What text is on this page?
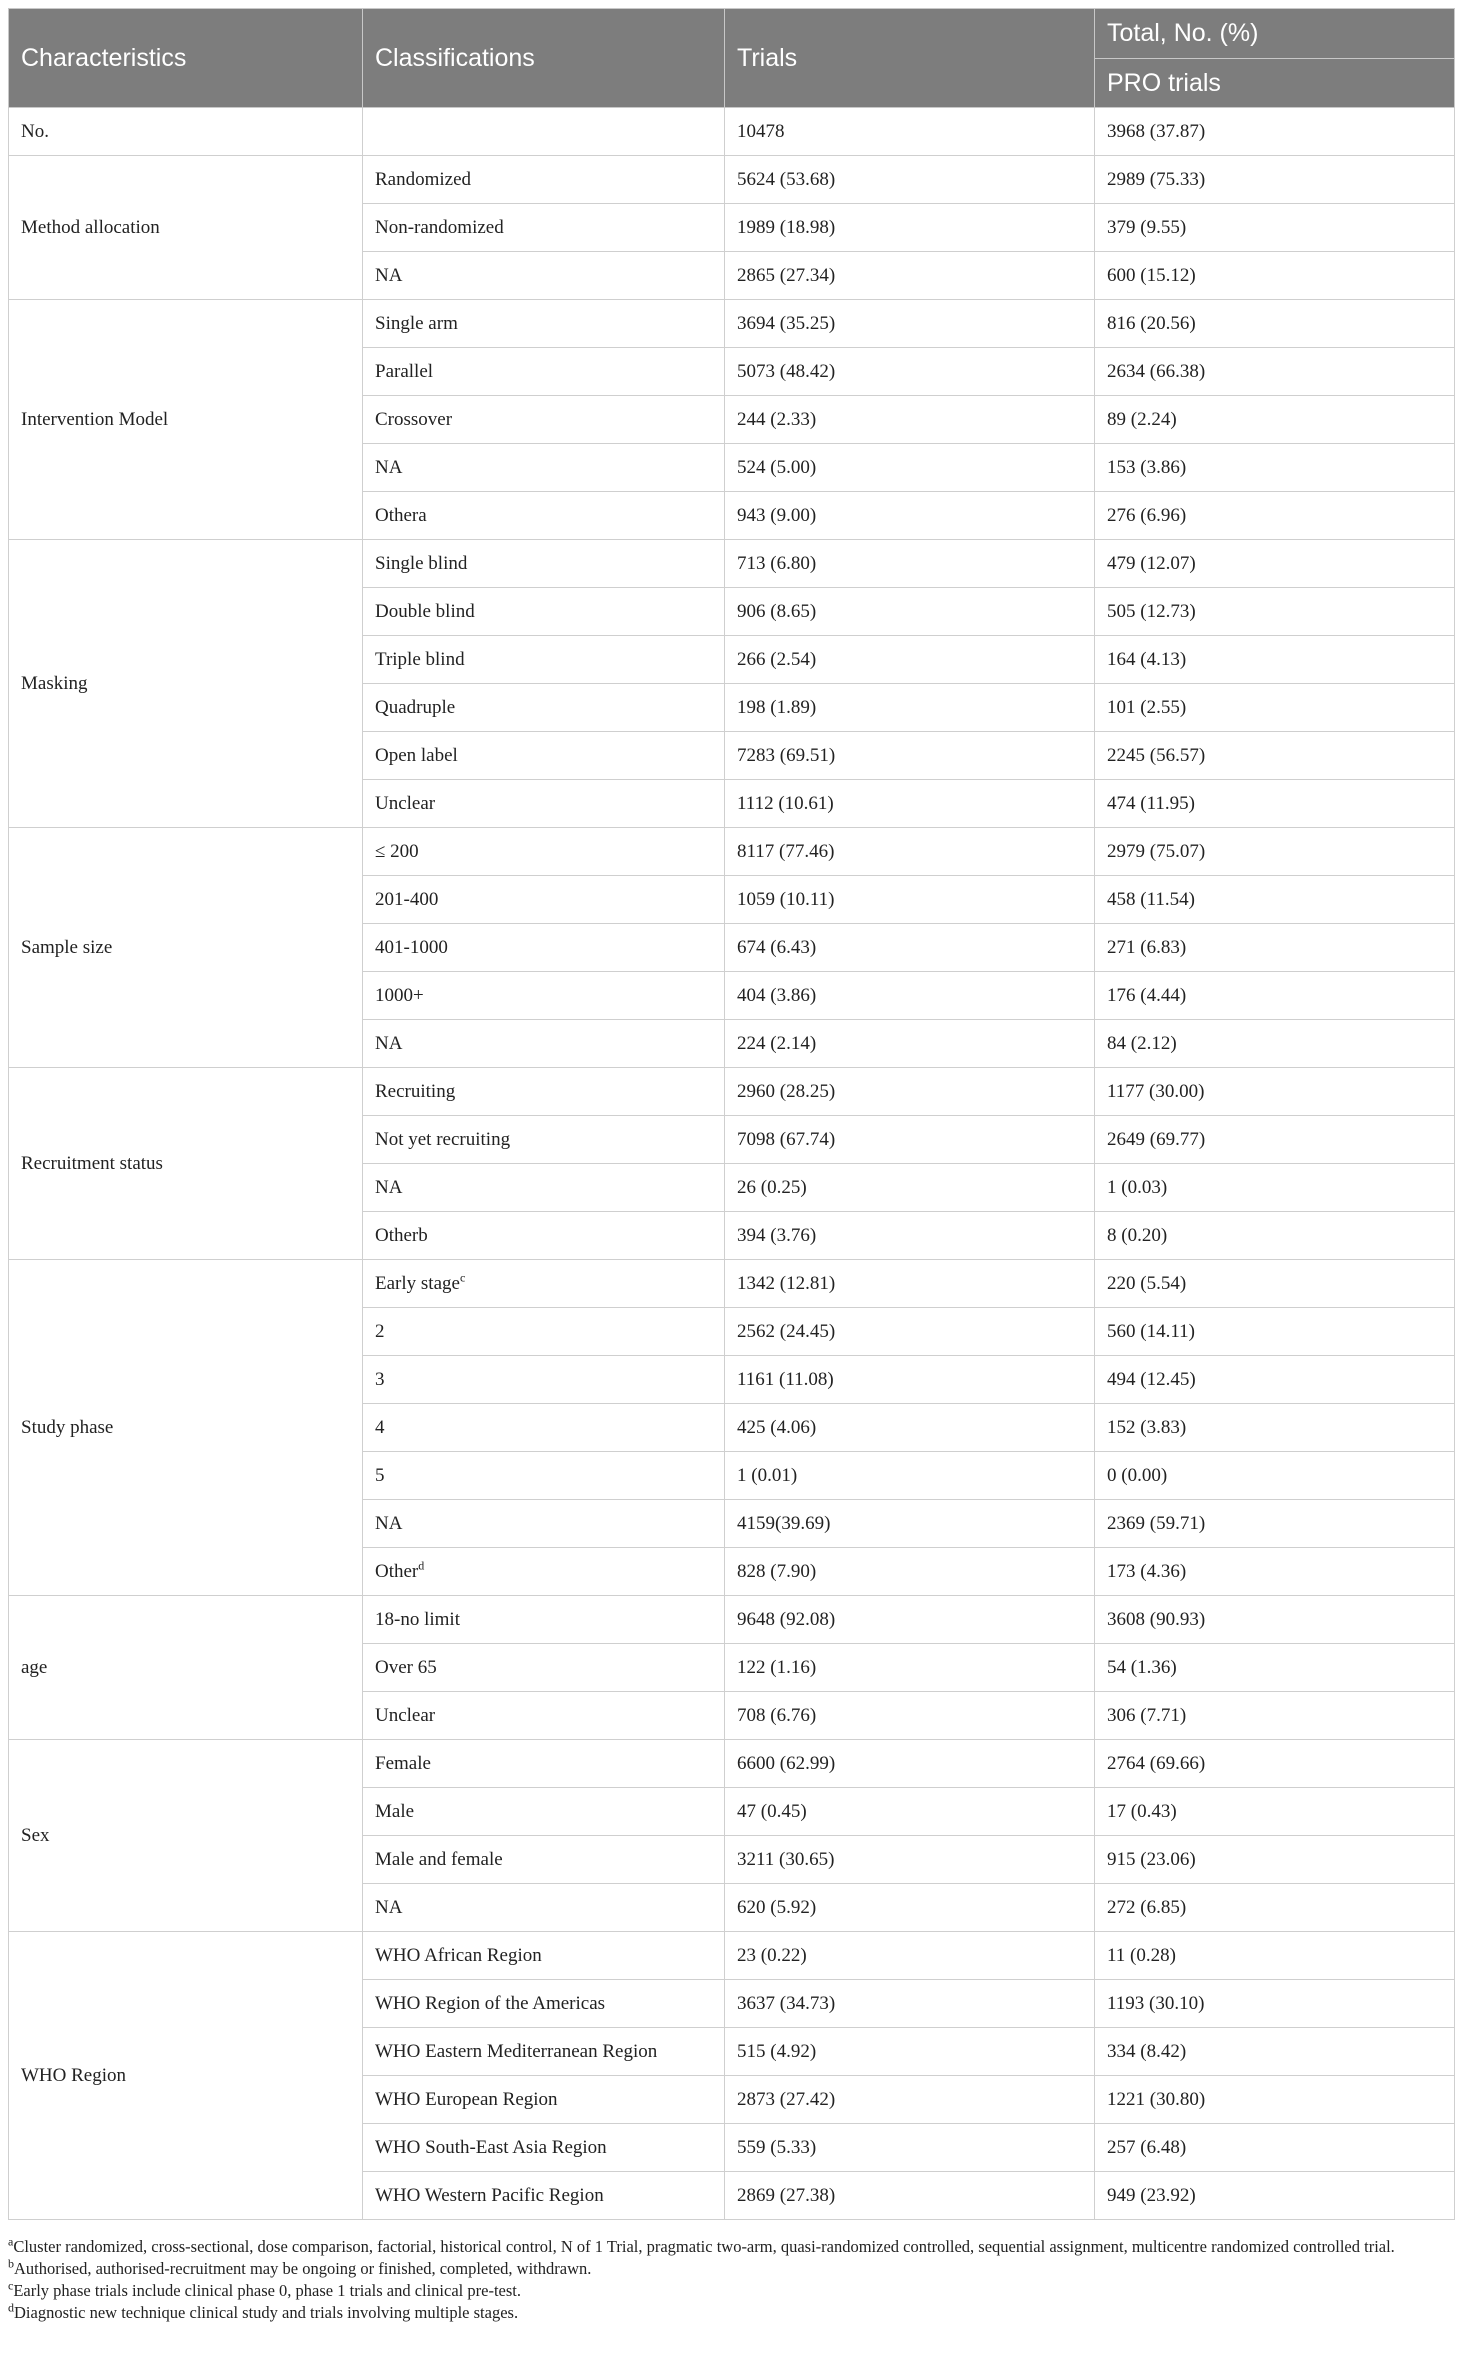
Characteristics	Classifications	Trials	Total, No. (%)
			PRO trials
No.		10478	3968 (37.87)
Method allocation	Randomized	5624 (53.68)	2989 (75.33)
	Non-randomized	1989 (18.98)	379 (9.55)
	NA	2865 (27.34)	600 (15.12)
Intervention Model	Single arm	3694 (35.25)	816 (20.56)
	Parallel	5073 (48.42)	2634 (66.38)
	Crossover	244 (2.33)	89 (2.24)
	NA	524 (5.00)	153 (3.86)
	Othera	943 (9.00)	276 (6.96)
Masking	Single blind	713 (6.80)	479 (12.07)
	Double blind	906 (8.65)	505 (12.73)
	Triple blind	266 (2.54)	164 (4.13)
	Quadruple	198 (1.89)	101 (2.55)
	Open label	7283 (69.51)	2245 (56.57)
	Unclear	1112 (10.61)	474 (11.95)
Sample size	≤ 200	8117 (77.46)	2979 (75.07)
	201-400	1059 (10.11)	458 (11.54)
	401-1000	674 (6.43)	271 (6.83)
	1000+	404 (3.86)	176 (4.44)
	NA	224 (2.14)	84 (2.12)
Recruitment status	Recruiting	2960 (28.25)	1177 (30.00)
	Not yet recruiting	7098 (67.74)	2649 (69.77)
	NA	26 (0.25)	1 (0.03)
	Otherb	394 (3.76)	8 (0.20)
Study phase	Early stage$^c$	1342 (12.81)	220 (5.54)
	2	2562 (24.45)	560 (14.11)
	3	1161 (11.08)	494 (12.45)
	4	425 (4.06)	152 (3.83)
	5	1 (0.01)	0 (0.00)
	NA	4159(39.69)	2369 (59.71)
	Other$^d$	828 (7.90)	173 (4.36)
age	18-no limit	9648 (92.08)	3608 (90.93)
	Over 65	122 (1.16)	54 (1.36)
	Unclear	708 (6.76)	306 (7.71)
Sex	Female	6600 (62.99)	2764 (69.66)
	Male	47 (0.45)	17 (0.43)
	Male and female	3211 (30.65)	915 (23.06)
	NA	620 (5.92)	272 (6.85)
WHO Region	WHO African Region	23 (0.22)	11 (0.28)
	WHO Region of the Americas	3637 (34.73)	1193 (30.10)
	WHO Eastern Mediterranean Region	515 (4.92)	334 (8.42)
	WHO European Region	2873 (27.42)	1221 (30.80)
	WHO South-East Asia Region	559 (5.33)	257 (6.48)
	WHO Western Pacific Region	2869 (27.38)	949 (23.92)

$^a$Cluster randomized, cross-sectional, dose comparison, factorial, historical control, N of 1 Trial, pragmatic two-arm, quasi-randomized controlled, sequential assignment, multicentre randomized controlled trial.

$^b$Authorised, authorised-recruitment may be ongoing or finished, completed, withdrawn.

$^c$Early phase trials include clinical phase 0, phase 1 trials and clinical pre-test.

$^d$Diagnostic new technique clinical study and trials involving multiple stages.
